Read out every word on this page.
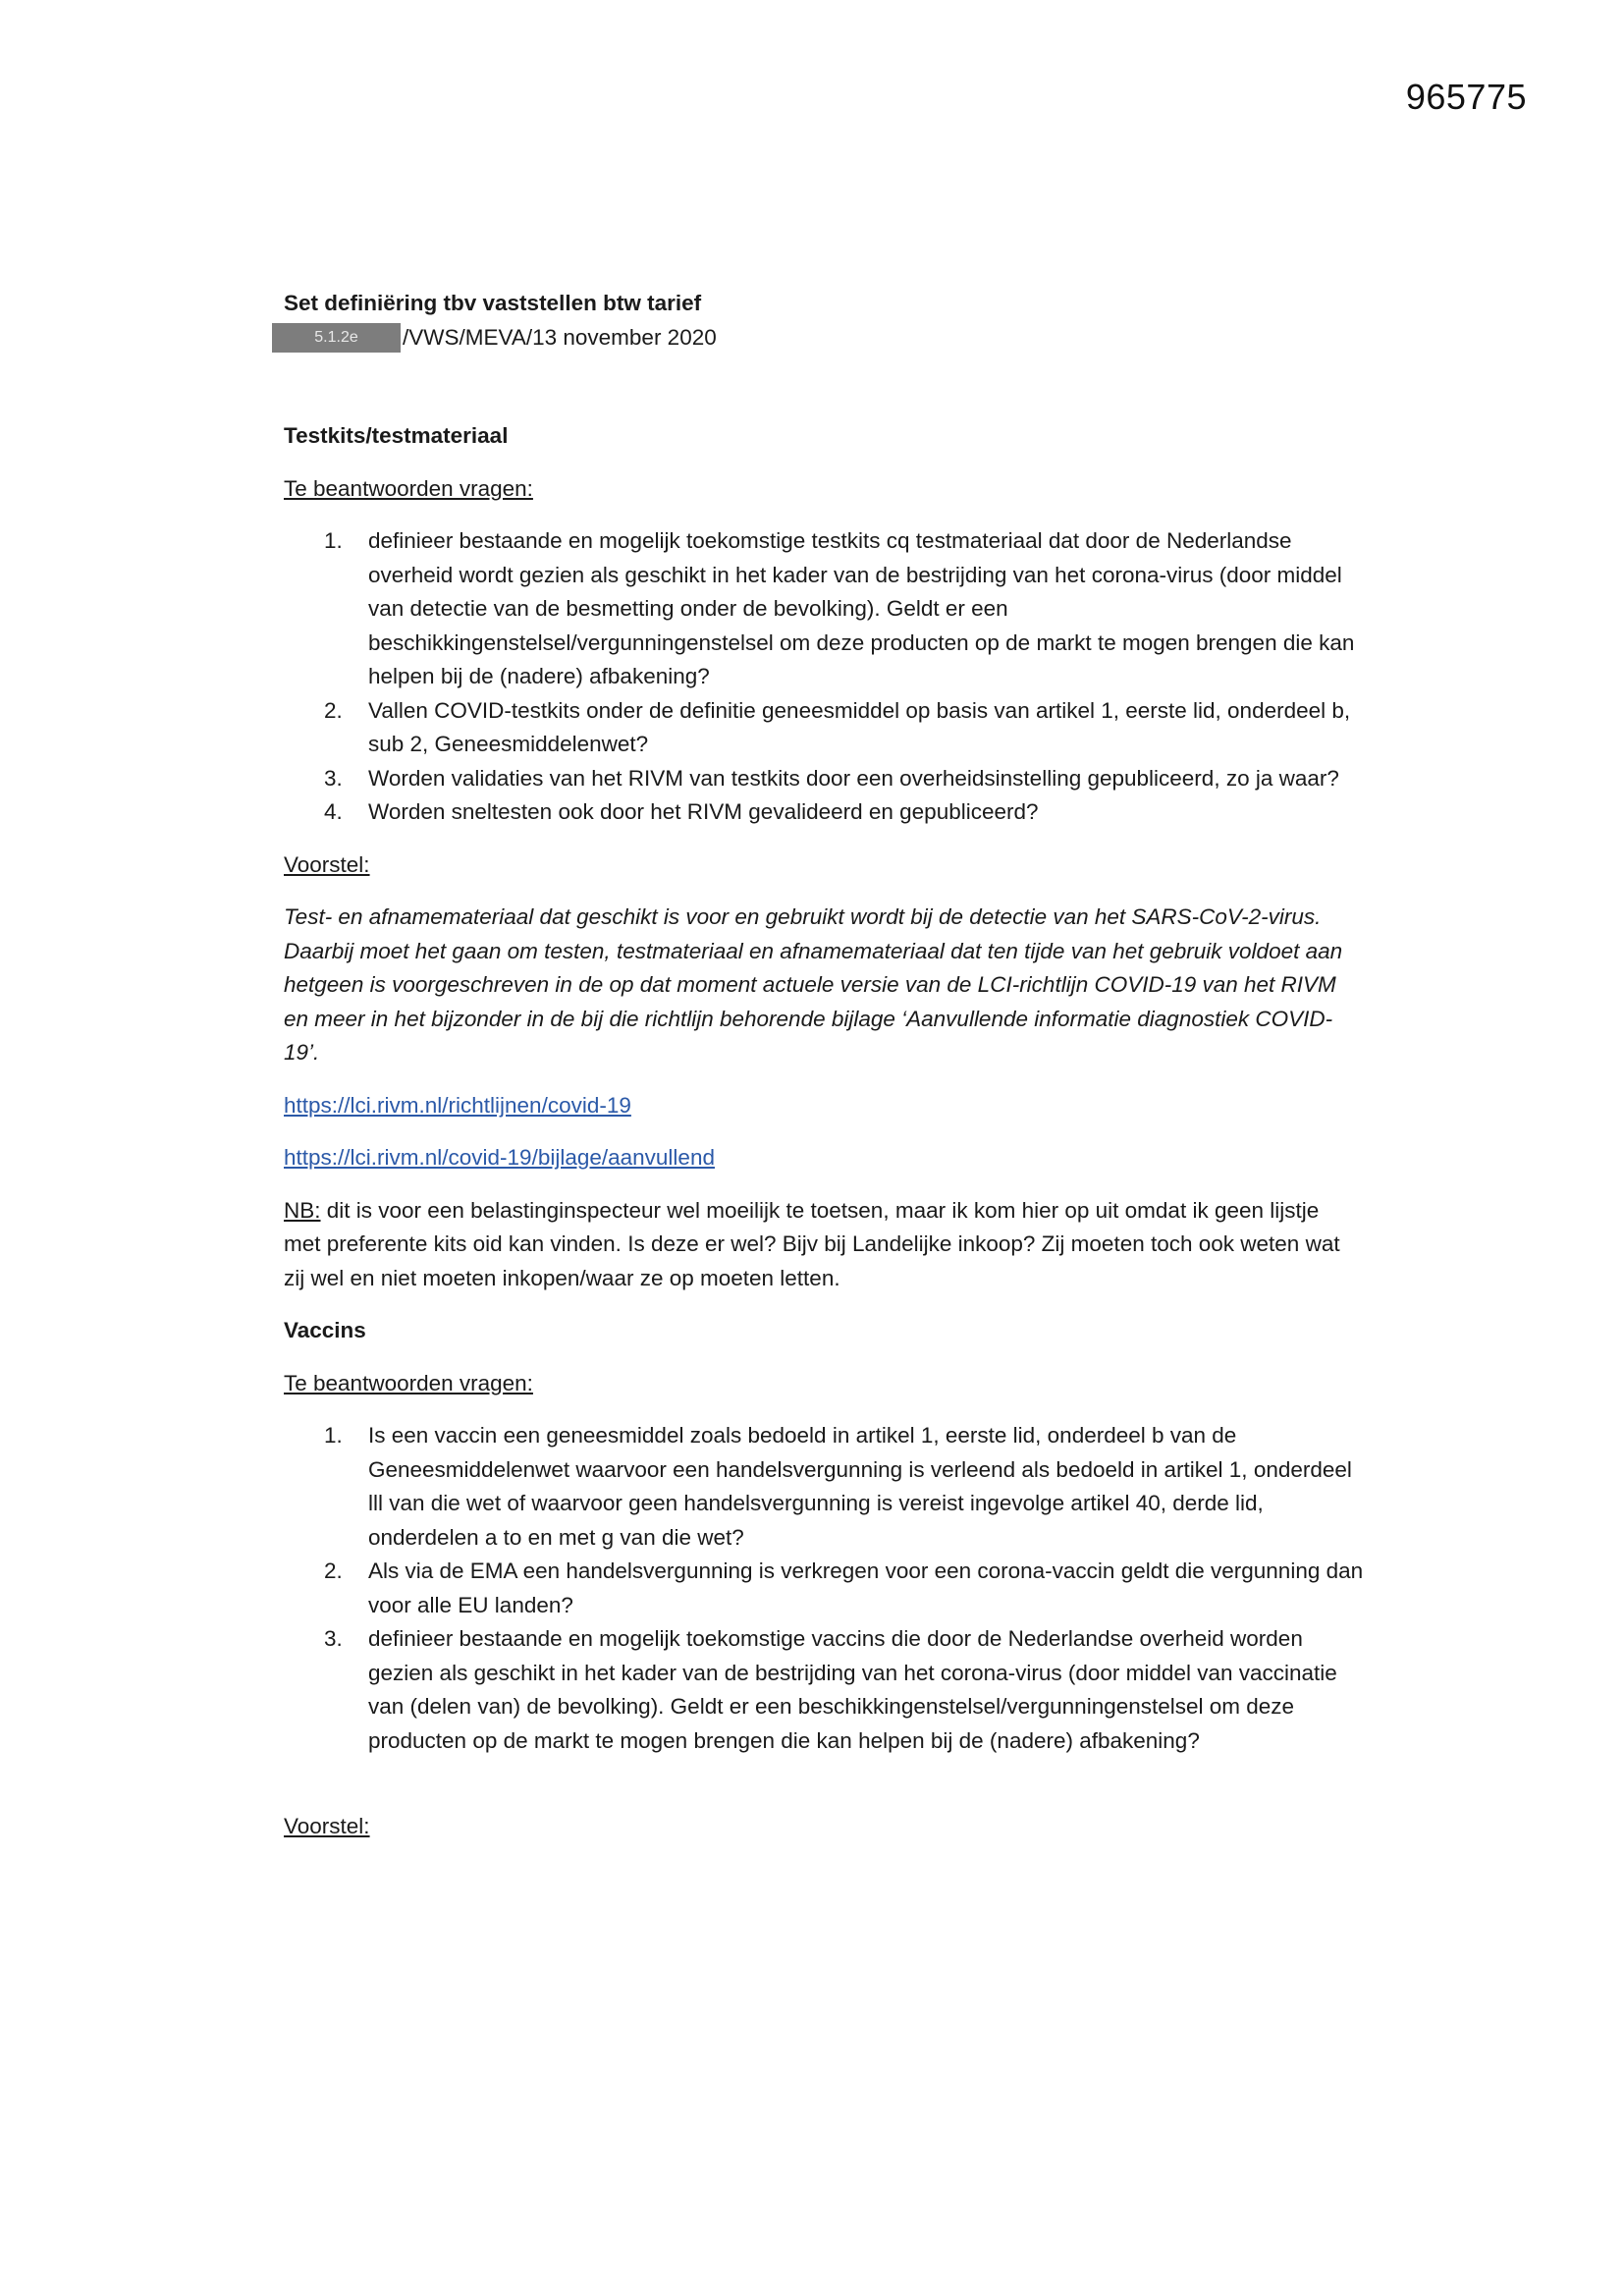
965775

Set definiëring tbv vaststellen btw tarief

5.1.2e	/VWS/MEVA/13 november 2020

Testkits/testmateriaal

Te beantwoorden vragen:

1. definieer bestaande en mogelijk toekomstige testkits cq testmateriaal dat door de Nederlandse overheid wordt gezien als geschikt in het kader van de bestrijding van het corona-virus (door middel van detectie van de besmetting onder de bevolking). Geldt er een beschikkingenstelsel/vergunningenstelsel om deze producten op de markt te mogen brengen die kan helpen bij de (nadere) afbakening?
2. Vallen COVID-testkits onder de definitie geneesmiddel op basis van artikel 1, eerste lid, onderdeel b, sub 2, Geneesmiddelenwet?
3. Worden validaties van het RIVM van testkits door een overheidsinstelling gepubliceerd, zo ja waar?
4. Worden sneltesten ook door het RIVM gevalideerd en gepubliceerd?

Voorstel:

Test- en afnamemateriaal dat geschikt is voor en gebruikt wordt bij de detectie van het SARS-CoV-2-virus. Daarbij moet het gaan om testen, testmateriaal en afnamemateriaal dat ten tijde van het gebruik voldoet aan hetgeen is voorgeschreven in de op dat moment actuele versie van de LCI-richtlijn COVID-19 van het RIVM en meer in het bijzonder in de bij die richtlijn behorende bijlage ‘Aanvullende informatie diagnostiek COVID-19’.

https://lci.rivm.nl/richtlijnen/covid-19

https://lci.rivm.nl/covid-19/bijlage/aanvullend

NB: dit is voor een belastinginspecteur wel moeilijk te toetsen, maar ik kom hier op uit omdat ik geen lijstje met preferente kits oid kan vinden. Is deze er wel? Bijv bij Landelijke inkoop? Zij moeten toch ook weten wat zij wel en niet moeten inkopen/waar ze op moeten letten.

Vaccins

Te beantwoorden vragen:

1. Is een vaccin een geneesmiddel zoals bedoeld in artikel 1, eerste lid, onderdeel b van de Geneesmiddelenwet waarvoor een handelsvergunning is verleend als bedoeld in artikel 1, onderdeel lll van die wet of waarvoor geen handelsvergunning is vereist ingevolge artikel 40, derde lid, onderdelen a to en met g van die wet?
2. Als via de EMA een handelsvergunning is verkregen voor een corona-vaccin geldt die vergunning dan voor alle EU landen?
3. definieer bestaande en mogelijk toekomstige vaccins die door de Nederlandse overheid worden gezien als geschikt in het kader van de bestrijding van het corona-virus (door middel van vaccinatie van (delen van) de bevolking). Geldt er een beschikkingenstelsel/vergunningenstelsel om deze producten op de markt te mogen brengen die kan helpen bij de (nadere) afbakening?

Voorstel:
